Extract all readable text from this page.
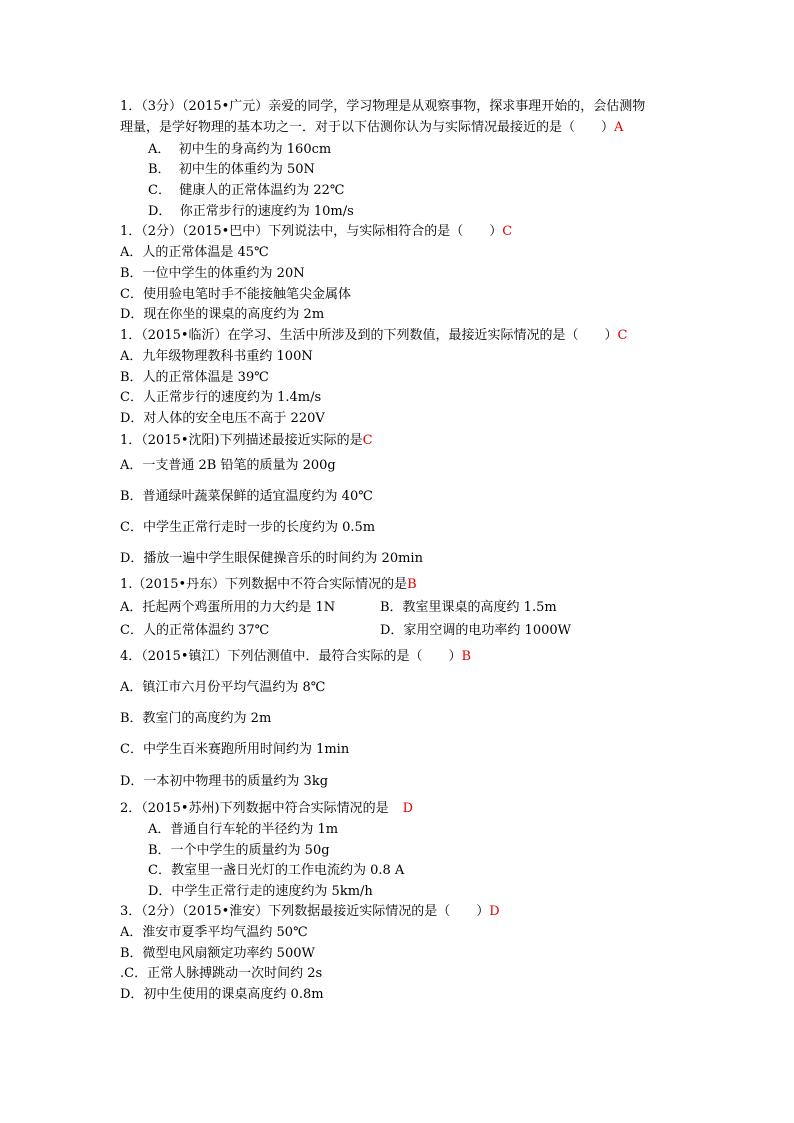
1．（3分）（2015•广元）亲爱的同学，学习物理是从观察事物，探求事理开始的，会估测物
理量，是学好物理的基本功之一．对于以下估测你认为与实际情况最接近的是（　　）A
A．  初中生的身高约为 160cm
B．  初中生的体重约为 50N
C．  健康人的正常体温约为 22℃
D．  你正常步行的速度约为 10m/s
1．（2分）（2015•巴中）下列说法中，与实际相符合的是（　　）C
A．人的正常体温是 45℃
B．一位中学生的体重约为 20N
C．使用验电笔时手不能接触笔尖金属体
D．现在你坐的课桌的高度约为 2m
1．（2015•临沂）在学习、生活中所涉及到的下列数值，最接近实际情况的是（　　）C
A．九年级物理教科书重约 100N
B．人的正常体温是 39℃
C．人正常步行的速度约为 1.4m/s
D．对人体的安全电压不高于 220V
1．（2015•沈阳)下列描述最接近实际的是C
A．一支普通 2B 铅笔的质量为 200g
B．普通绿叶蔬菜保鲜的适宜温度约为 40℃
C．中学生正常行走时一步的长度约为 0.5m
D．播放一遍中学生眼保健操音乐的时间约为 20min
1.（2015•丹东）下列数据中不符合实际情况的是B
A．托起两个鸡蛋所用的力大约是 1N	B．教室里课桌的高度约 1.5m
C．人的正常体温约 37℃	D．家用空调的电功率约 1000W
4．（2015•镇江）下列估测值中．最符合实际的是（　　）B
A．镇江市六月份平均气温约为 8℃
B．教室门的高度约为 2m
C．中学生百米赛跑所用时间约为 1min
D．一本初中物理书的质量约为 3kg
2．（2015•苏州)下列数据中符合实际情况的是 D
A．普通自行车轮的半径约为 1m
B．一个中学生的质量约为 50g
C．教室里一盏日光灯的工作电流约为 0.8 A
D．中学生正常行走的速度约为 5km/h
3．（2分）（2015•淮安）下列数据最接近实际情况的是（　　）D
A．淮安市夏季平均气温约 50℃
B．微型电风扇额定功率约 500W
.C．正常人脉搏跳动一次时间约 2s
D．初中生使用的课桌高度约 0.8m
